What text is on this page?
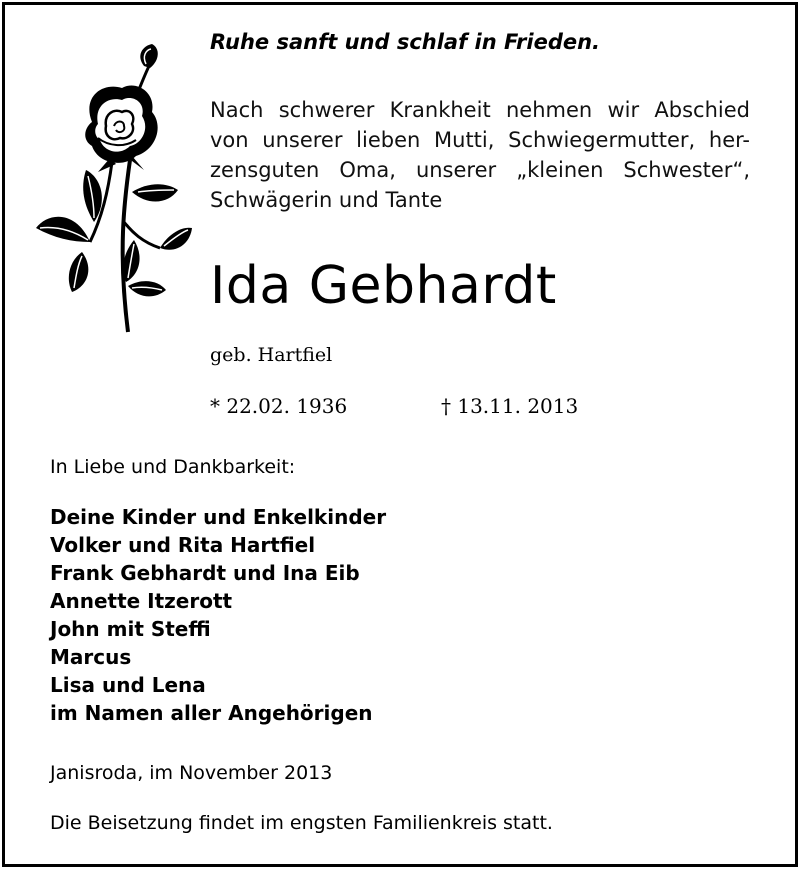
Ruhe sanft und schlaf in Frieden.
Nach schwerer Krankheit nehmen wir Abschied
von unserer lieben Mutti, Schwiegermutter, her-
zensguten Oma, unserer „kleinen Schwester“,
Schwägerin und Tante
Ida Gebhardt
geb. Hartfiel
* 22.02. 1936	† 13.11. 2013
In Liebe und Dankbarkeit:
Deine Kinder und Enkelkinder
Volker und Rita Hartfiel
Frank Gebhardt und Ina Eib
Annette Itzerott
John mit Steffi
Marcus
Lisa und Lena
im Namen aller Angehörigen
Janisroda, im November 2013
Die Beisetzung findet im engsten Familienkreis statt.
